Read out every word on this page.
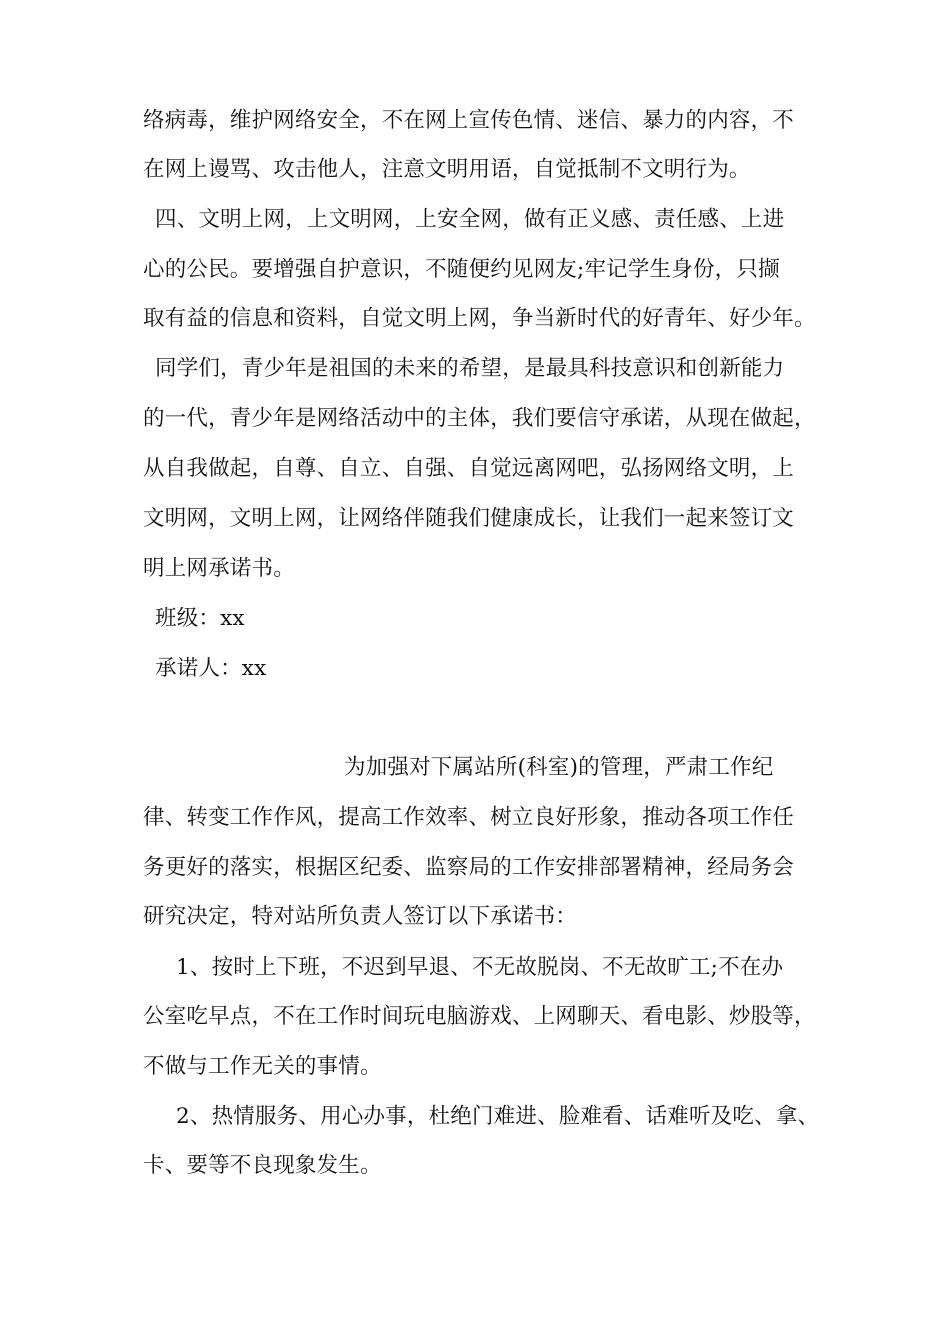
络病毒，维护网络安全，不在网上宣传色情、迷信、暴力的内容，不
在网上谩骂、攻击他人，注意文明用语，自觉抵制不文明行为。
四、文明上网，上文明网，上安全网，做有正义感、责任感、上进
心的公民。要增强自护意识，不随便约见网友;牢记学生身份，只撷
取有益的信息和资料，自觉文明上网，争当新时代的好青年、好少年。
同学们，青少年是祖国的未来的希望，是最具科技意识和创新能力
的一代，青少年是网络活动中的主体，我们要信守承诺，从现在做起，
从自我做起，自尊、自立、自强、自觉远离网吧，弘扬网络文明，上
文明网，文明上网，让网络伴随我们健康成长，让我们一起来签订文
明上网承诺书。
班级：xx
承诺人：xx
为加强对下属站所(科室)的管理，严肃工作纪
律、转变工作作风，提高工作效率、树立良好形象，推动各项工作任
务更好的落实，根据区纪委、监察局的工作安排部署精神，经局务会
研究决定，特对站所负责人签订以下承诺书：
1、按时上下班，不迟到早退、不无故脱岗、不无故旷工;不在办
公室吃早点，不在工作时间玩电脑游戏、上网聊天、看电影、炒股等，
不做与工作无关的事情。
2、热情服务、用心办事，杜绝门难进、脸难看、话难听及吃、拿、
卡、要等不良现象发生。
